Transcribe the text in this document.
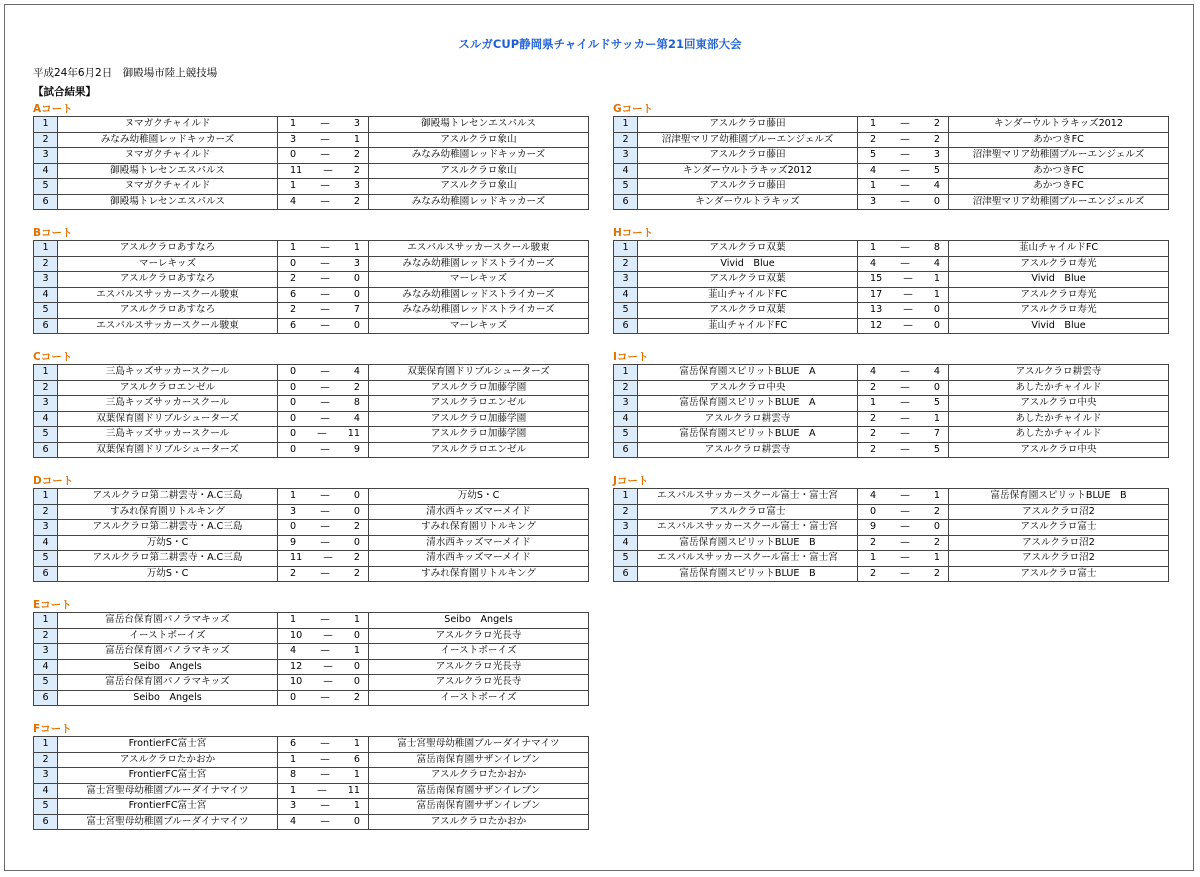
スルガCUP静岡県チャイルドサッカー第21回東部大会
平成24年6月2日　御殿場市陸上競技場
【試合結果】
Aコート
1	ヌマガクチャイルド	1 — 3	御殿場トレセンエスパルス
2	みなみ幼稚園レッドキッカーズ	3 — 1	アスルクラロ象山
3	ヌマガクチャイルド	0 — 2	みなみ幼稚園レッドキッカーズ
4	御殿場トレセンエスパルス	11 — 2	アスルクラロ象山
5	ヌマガクチャイルド	1 — 3	アスルクラロ象山
6	御殿場トレセンエスパルス	4 — 2	みなみ幼稚園レッドキッカーズ
Bコート
1	アスルクラロあすなろ	1 — 1	エスパルスサッカースクール駿東
2	マーレキッズ	0 — 3	みなみ幼稚園レッドストライカーズ
3	アスルクラロあすなろ	2 — 0	マーレキッズ
4	エスパルスサッカースクール駿東	6 — 0	みなみ幼稚園レッドストライカーズ
5	アスルクラロあすなろ	2 — 7	みなみ幼稚園レッドストライカーズ
6	エスパルスサッカースクール駿東	6 — 0	マーレキッズ
Cコート
1	三島キッズサッカースクール	0 — 4	双葉保育園ドリブルシューターズ
2	アスルクラロエンゼル	0 — 2	アスルクラロ加藤学園
3	三島キッズサッカースクール	0 — 8	アスルクラロエンゼル
4	双葉保育園ドリブルシューターズ	0 — 4	アスルクラロ加藤学園
5	三島キッズサッカースクール	0 — 11	アスルクラロ加藤学園
6	双葉保育園ドリブルシューターズ	0 — 9	アスルクラロエンゼル
Dコート
1	アスルクラロ第二耕雲寺・A.C三島	1 — 0	万幼S・C
2	すみれ保育園リトルキング	3 — 0	清水西キッズマーメイド
3	アスルクラロ第二耕雲寺・A.C三島	0 — 2	すみれ保育園リトルキング
4	万幼S・C	9 — 0	清水西キッズマーメイド
5	アスルクラロ第二耕雲寺・A.C三島	11 — 2	清水西キッズマーメイド
6	万幼S・C	2 — 2	すみれ保育園リトルキング
Eコート
1	富岳台保育園パノラマキッズ	1 — 1	Seibo　Angels
2	イーストボーイズ	10 — 0	アスルクラロ光長寺
3	富岳台保育園パノラマキッズ	4 — 1	イーストボーイズ
4	Seibo　Angels	12 — 0	アスルクラロ光長寺
5	富岳台保育園パノラマキッズ	10 — 0	アスルクラロ光長寺
6	Seibo　Angels	0 — 2	イーストボーイズ
Fコート
1	FrontierFC富士宮	6 — 1	富士宮聖母幼稚園ブルーダイナマイツ
2	アスルクラロたかおか	1 — 6	富岳南保育園サザンイレブン
3	FrontierFC富士宮	8 — 1	アスルクラロたかおか
4	富士宮聖母幼稚園ブルーダイナマイツ	1 — 11	富岳南保育園サザンイレブン
5	FrontierFC富士宮	3 — 1	富岳南保育園サザンイレブン
6	富士宮聖母幼稚園ブルーダイナマイツ	4 — 0	アスルクラロたかおか
Gコート
1	アスルクラロ藤田	1 — 2	キンダーウルトラキッズ2012
2	沼津聖マリア幼稚園ブルーエンジェルズ	2 — 2	あかつきFC
3	アスルクラロ藤田	5 — 3	沼津聖マリア幼稚園ブルーエンジェルズ
4	キンダーウルトラキッズ2012	4 — 5	あかつきFC
5	アスルクラロ藤田	1 — 4	あかつきFC
6	キンダーウルトラキッズ	3 — 0	沼津聖マリア幼稚園ブルーエンジェルズ
Hコート
1	アスルクラロ双葉	1 — 8	韮山チャイルドFC
2	Vivid　Blue	4 — 4	アスルクラロ寿光
3	アスルクラロ双葉	15 — 1	Vivid　Blue
4	韮山チャイルドFC	17 — 1	アスルクラロ寿光
5	アスルクラロ双葉	13 — 0	アスルクラロ寿光
6	韮山チャイルドFC	12 — 0	Vivid　Blue
Iコート
1	富岳保育園スピリットBLUE　A	4 — 4	アスルクラロ耕雲寺
2	アスルクラロ中央	2 — 0	あしたかチャイルド
3	富岳保育園スピリットBLUE　A	1 — 5	アスルクラロ中央
4	アスルクラロ耕雲寺	2 — 1	あしたかチャイルド
5	富岳保育園スピリットBLUE　A	2 — 7	あしたかチャイルド
6	アスルクラロ耕雲寺	2 — 5	アスルクラロ中央
Jコート
1	エスパルスサッカースクール富士・富士宮	4 — 1	富岳保育園スピリットBLUE　B
2	アスルクラロ富士	0 — 2	アスルクラロ沼2
3	エスパルスサッカースクール富士・富士宮	9 — 0	アスルクラロ富士
4	富岳保育園スピリットBLUE　B	2 — 2	アスルクラロ沼2
5	エスパルスサッカースクール富士・富士宮	1 — 1	アスルクラロ沼2
6	富岳保育園スピリットBLUE　B	2 — 2	アスルクラロ富士
